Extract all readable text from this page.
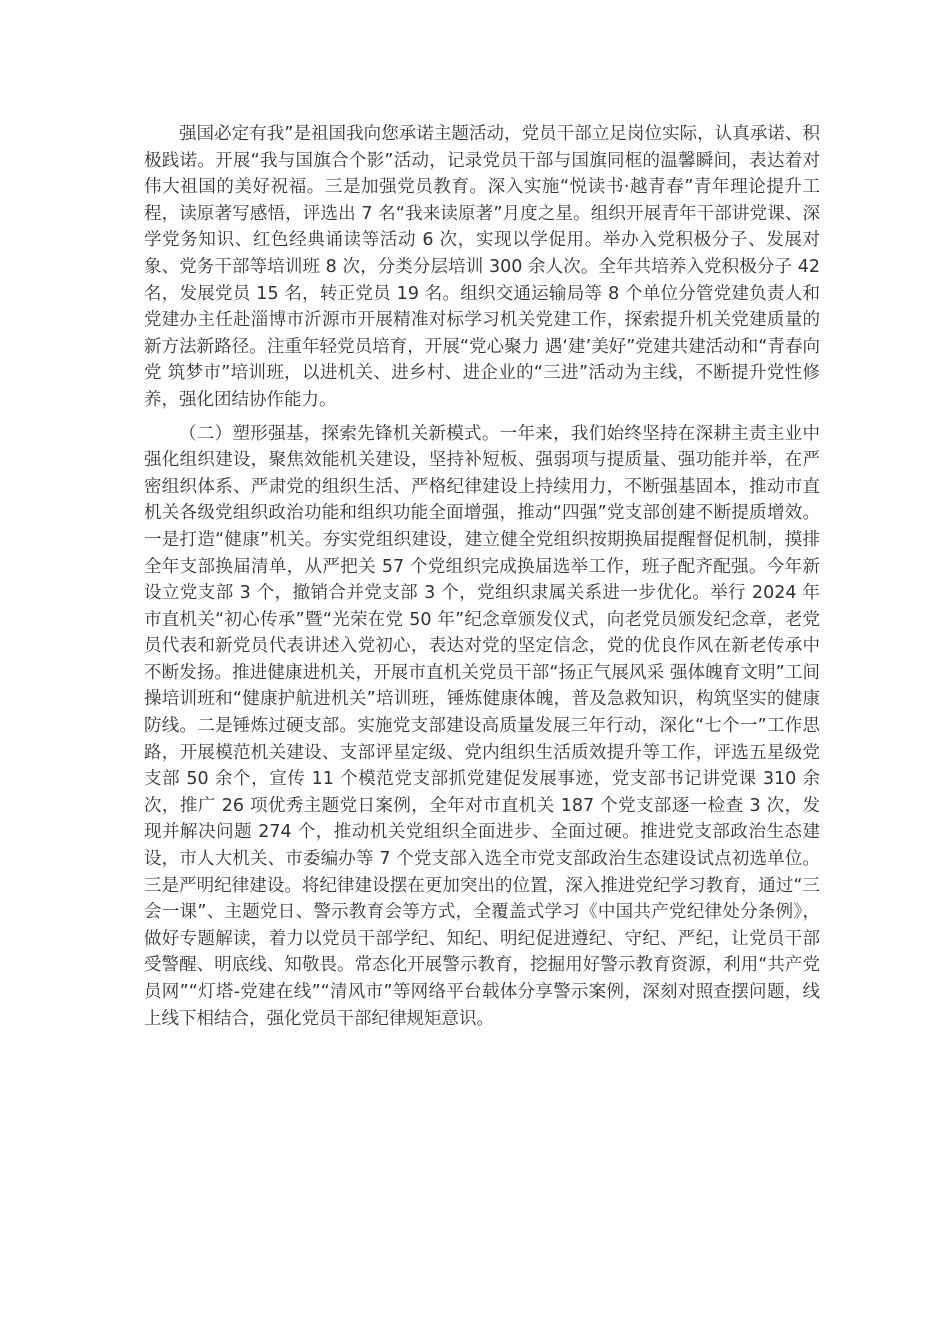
强国必定有我”是祖国我向您承诺主题活动，党员干部立足岗位实际，认真承诺、积极践诺。开展“我与国旗合个影”活动，记录党员干部与国旗同框的温馨瞬间，表达着对伟大祖国的美好祝福。三是加强党员教育。深入实施“悦读书·越青春”青年理论提升工程，读原著写感悟，评选出 7 名“我来读原著”月度之星。组织开展青年干部讲党课、深学党务知识、红色经典诵读等活动 6 次，实现以学促用。举办入党积极分子、发展对象、党务干部等培训班 8 次，分类分层培训 300 余人次。全年共培养入党积极分子 42 名，发展党员 15 名，转正党员 19 名。组织交通运输局等 8 个单位分管党建负责人和党建办主任赴淄博市沂源市开展精准对标学习机关党建工作，探索提升机关党建质量的新方法新路径。注重年轻党员培育，开展“党心聚力 遇‘建’美好”党建共建活动和“青春向党 筑梦市”培训班，以进机关、进乡村、进企业的“三进”活动为主线，不断提升党性修养，强化团结协作能力。

（二）塑形强基，探索先锋机关新模式。一年来，我们始终坚持在深耕主责主业中强化组织建设，聚焦效能机关建设，坚持补短板、强弱项与提质量、强功能并举，在严密组织体系、严肃党的组织生活、严格纪律建设上持续用力，不断强基固本，推动市直机关各级党组织政治功能和组织功能全面增强，推动“四强”党支部创建不断提质增效。一是打造“健康”机关。夯实党组织建设，建立健全党组织按期换届提醒督促机制，摸排全年支部换届清单，从严把关 57 个党组织完成换届选举工作，班子配齐配强。今年新设立党支部 3 个，撤销合并党支部 3 个，党组织隶属关系进一步优化。举行 2024 年市直机关“初心传承”暨“光荣在党 50 年”纪念章颁发仪式，向老党员颁发纪念章，老党员代表和新党员代表讲述入党初心，表达对党的坚定信念，党的优良作风在新老传承中不断发扬。推进健康进机关，开展市直机关党员干部“扬正气展风采 强体魄育文明”工间操培训班和“健康护航进机关”培训班，锤炼健康体魄，普及急救知识，构筑坚实的健康防线。二是锤炼过硬支部。实施党支部建设高质量发展三年行动，深化“七个一”工作思路，开展模范机关建设、支部评星定级、党内组织生活质效提升等工作，评选五星级党支部 50 余个，宣传 11 个模范党支部抓党建促发展事迹，党支部书记讲党课 310 余次，推广 26 项优秀主题党日案例，全年对市直机关 187 个党支部逐一检查 3 次，发现并解决问题 274 个，推动机关党组织全面进步、全面过硬。推进党支部政治生态建设，市人大机关、市委编办等 7 个党支部入选全市党支部政治生态建设试点初选单位。三是严明纪律建设。将纪律建设摆在更加突出的位置，深入推进党纪学习教育，通过“三会一课”、主题党日、警示教育会等方式，全覆盖式学习《中国共产党纪律处分条例》，做好专题解读，着力以党员干部学纪、知纪、明纪促进遵纪、守纪、严纪，让党员干部受警醒、明底线、知敬畏。常态化开展警示教育，挖掘用好警示教育资源，利用“共产党员网”“灯塔-党建在线”“清风市”等网络平台载体分享警示案例，深刻对照查摆问题，线上线下相结合，强化党员干部纪律规矩意识。
